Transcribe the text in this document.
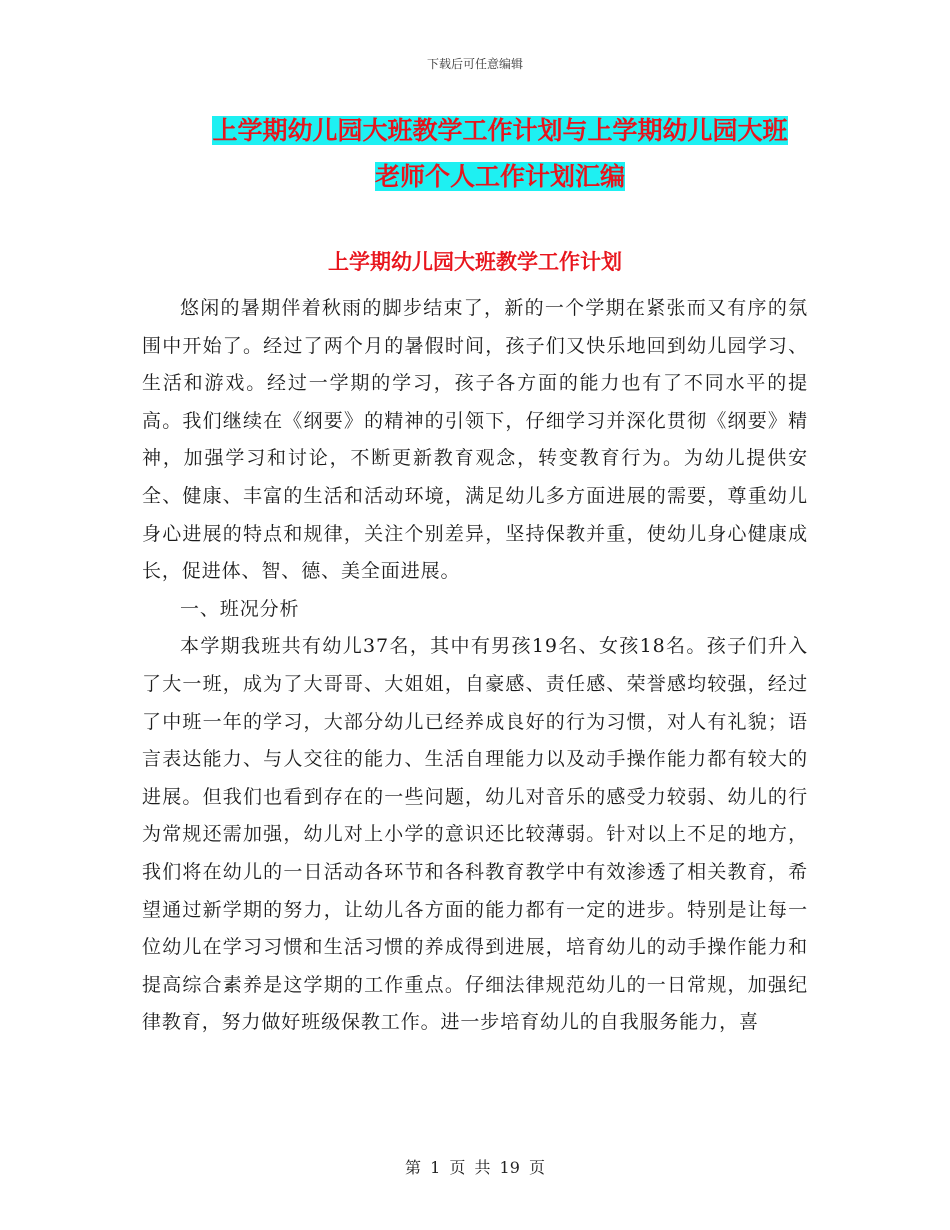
下载后可任意编辑
上学期幼儿园大班教学工作计划与上学期幼儿园大班
老师个人工作计划汇编
上学期幼儿园大班教学工作计划

悠闲的暑期伴着秋雨的脚步结束了，新的一个学期在紧张而又有序的氛围中开始了。经过了两个月的暑假时间，孩子们又快乐地回到幼儿园学习、生活和游戏。经过一学期的学习，孩子各方面的能力也有了不同水平的提高。我们继续在《纲要》的精神的引领下，仔细学习并深化贯彻《纲要》精神，加强学习和讨论，不断更新教育观念，转变教育行为。为幼儿提供安全、健康、丰富的生活和活动环境，满足幼儿多方面进展的需要，尊重幼儿身心进展的特点和规律，关注个别差异，坚持保教并重，使幼儿身心健康成长，促进体、智、德、美全面进展。

一、班况分析

本学期我班共有幼儿37名，其中有男孩19名、女孩18名。孩子们升入了大一班，成为了大哥哥、大姐姐，自豪感、责任感、荣誉感均较强，经过了中班一年的学习，大部分幼儿已经养成良好的行为习惯，对人有礼貌；语言表达能力、与人交往的能力、生活自理能力以及动手操作能力都有较大的进展。但我们也看到存在的一些问题，幼儿对音乐的感受力较弱、幼儿的行为常规还需加强，幼儿对上小学的意识还比较薄弱。针对以上不足的地方，我们将在幼儿的一日活动各环节和各科教育教学中有效渗透了相关教育，希望通过新学期的努力，让幼儿各方面的能力都有一定的进步。特别是让每一位幼儿在学习习惯和生活习惯的养成得到进展，培育幼儿的动手操作能力和提高综合素养是这学期的工作重点。仔细法律规范幼儿的一日常规，加强纪律教育，努力做好班级保教工作。进一步培育幼儿的自我服务能力，喜

第 1 页 共 19 页
